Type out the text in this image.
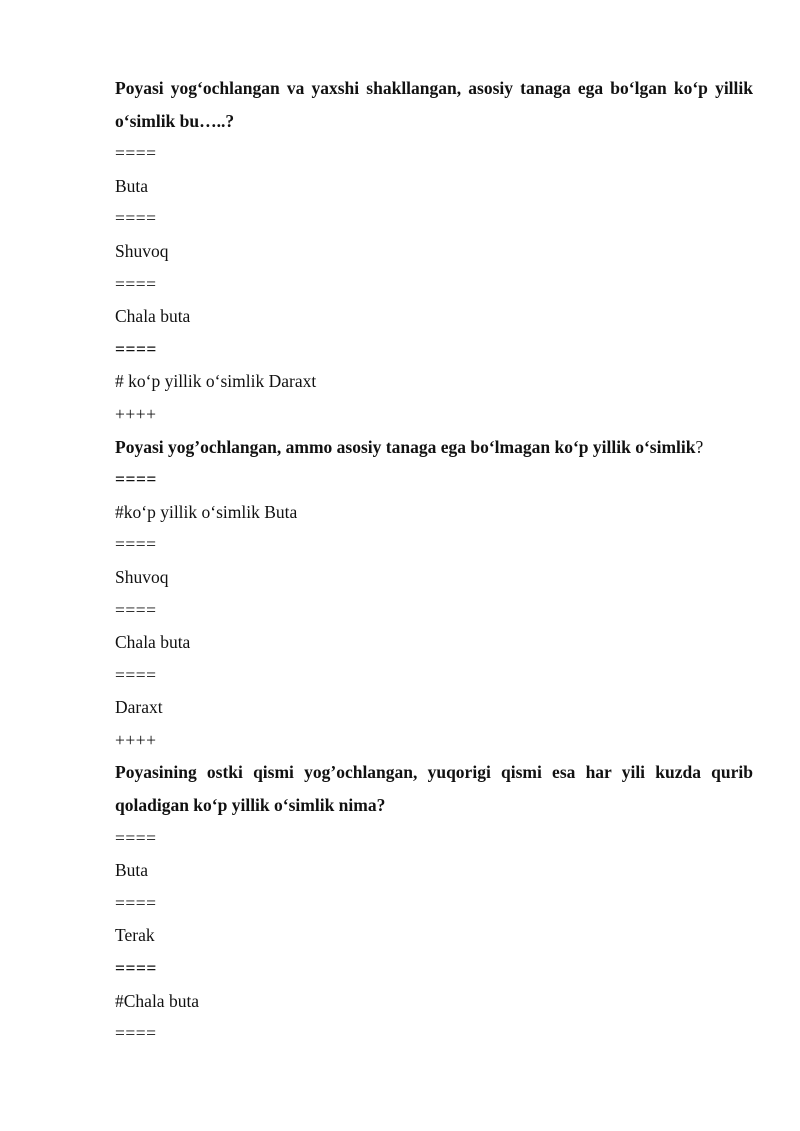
Poyasi yog‘ochlangan va yaxshi shakllangan, asosiy tanaga ega bo‘lgan ko‘p yillik o‘simlik bu…..?
====
Buta
====
Shuvoq
====
Chala buta
====
# ko‘p yillik o‘simlik Daraxt
++++
Poyasi yog’ochlangan, ammo asosiy tanaga ega bo‘lmagan ko‘p yillik o‘simlik?
====
#ko‘p yillik o‘simlik Buta
====
Shuvoq
====
Chala buta
====
Daraxt
++++
Poyasining ostki qismi yog’ochlangan, yuqorigi qismi esa har yili kuzda qurib qoladigan ko‘p yillik o‘simlik nima?
====
Buta
====
Terak
====
#Chala buta
====
